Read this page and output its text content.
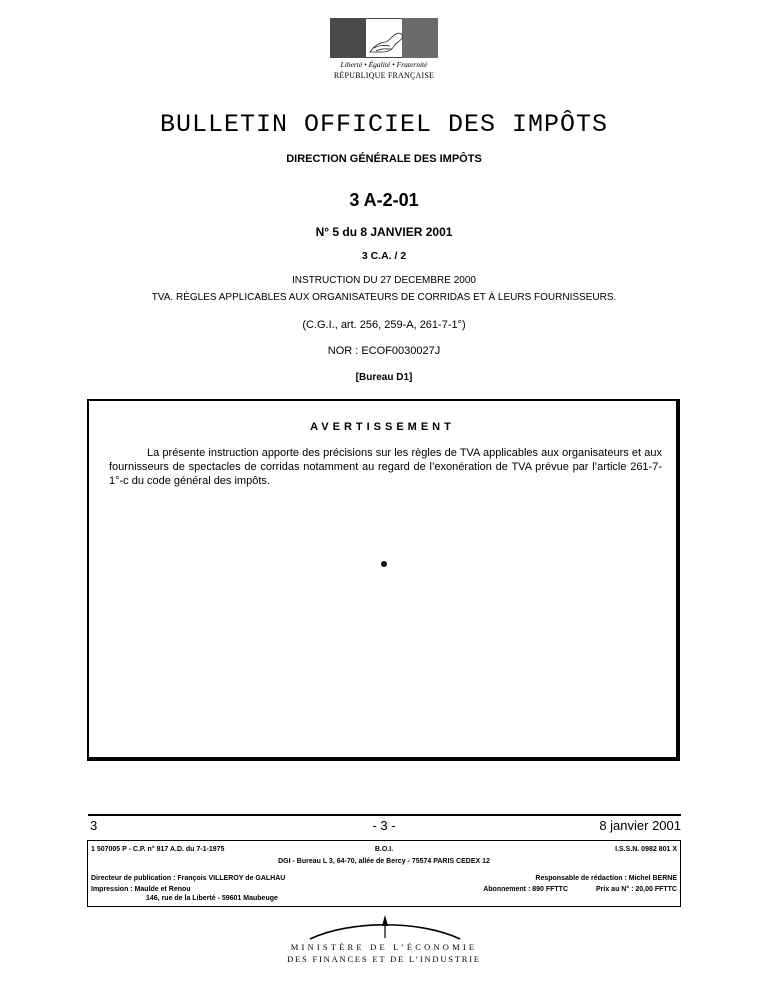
Liberté • Égalité • Fraternité
RÉPUBLIQUE FRANÇAISE
BULLETIN OFFICIEL DES IMPÔTS
DIRECTION GÉNÉRALE DES IMPÔTS
3 A-2-01
N° 5 du 8 JANVIER 2001
3 C.A. / 2
INSTRUCTION DU 27 DECEMBRE 2000
TVA. RÈGLES APPLICABLES AUX ORGANISATEURS DE CORRIDAS ET À LEURS FOURNISSEURS.
(C.G.I., art. 256, 259-A, 261-7-1°)
NOR : ECOF0030027J
[Bureau D1]
AVERTISSEMENT
La présente instruction apporte des précisions sur les règles de TVA applicables aux organisateurs et aux fournisseurs de spectacles de corridas notamment au regard de l’exonération de TVA prévue par l’article 261-7-1°-c du code général des impôts.
3	- 3 -	8 janvier 2001
1 507005 P - C.P. n° 817 A.D. du 7-1-1975	B.O.I.	I.S.S.N. 0982 801 X
DGI - Bureau L 3, 64-70, allée de Bercy - 75574 PARIS CEDEX 12
Directeur de publication : François VILLEROY de GALHAU	Responsable de rédaction : Michel BERNE
Impression : Maulde et Renou	Abonnement : 890 FFTTC	Prix au N° : 20,00 FFTTC
146, rue de la Liberté - 59601 Maubeuge
MINISTÈRE DE L’ÉCONOMIE
DES FINANCES ET DE L’INDUSTRIE
